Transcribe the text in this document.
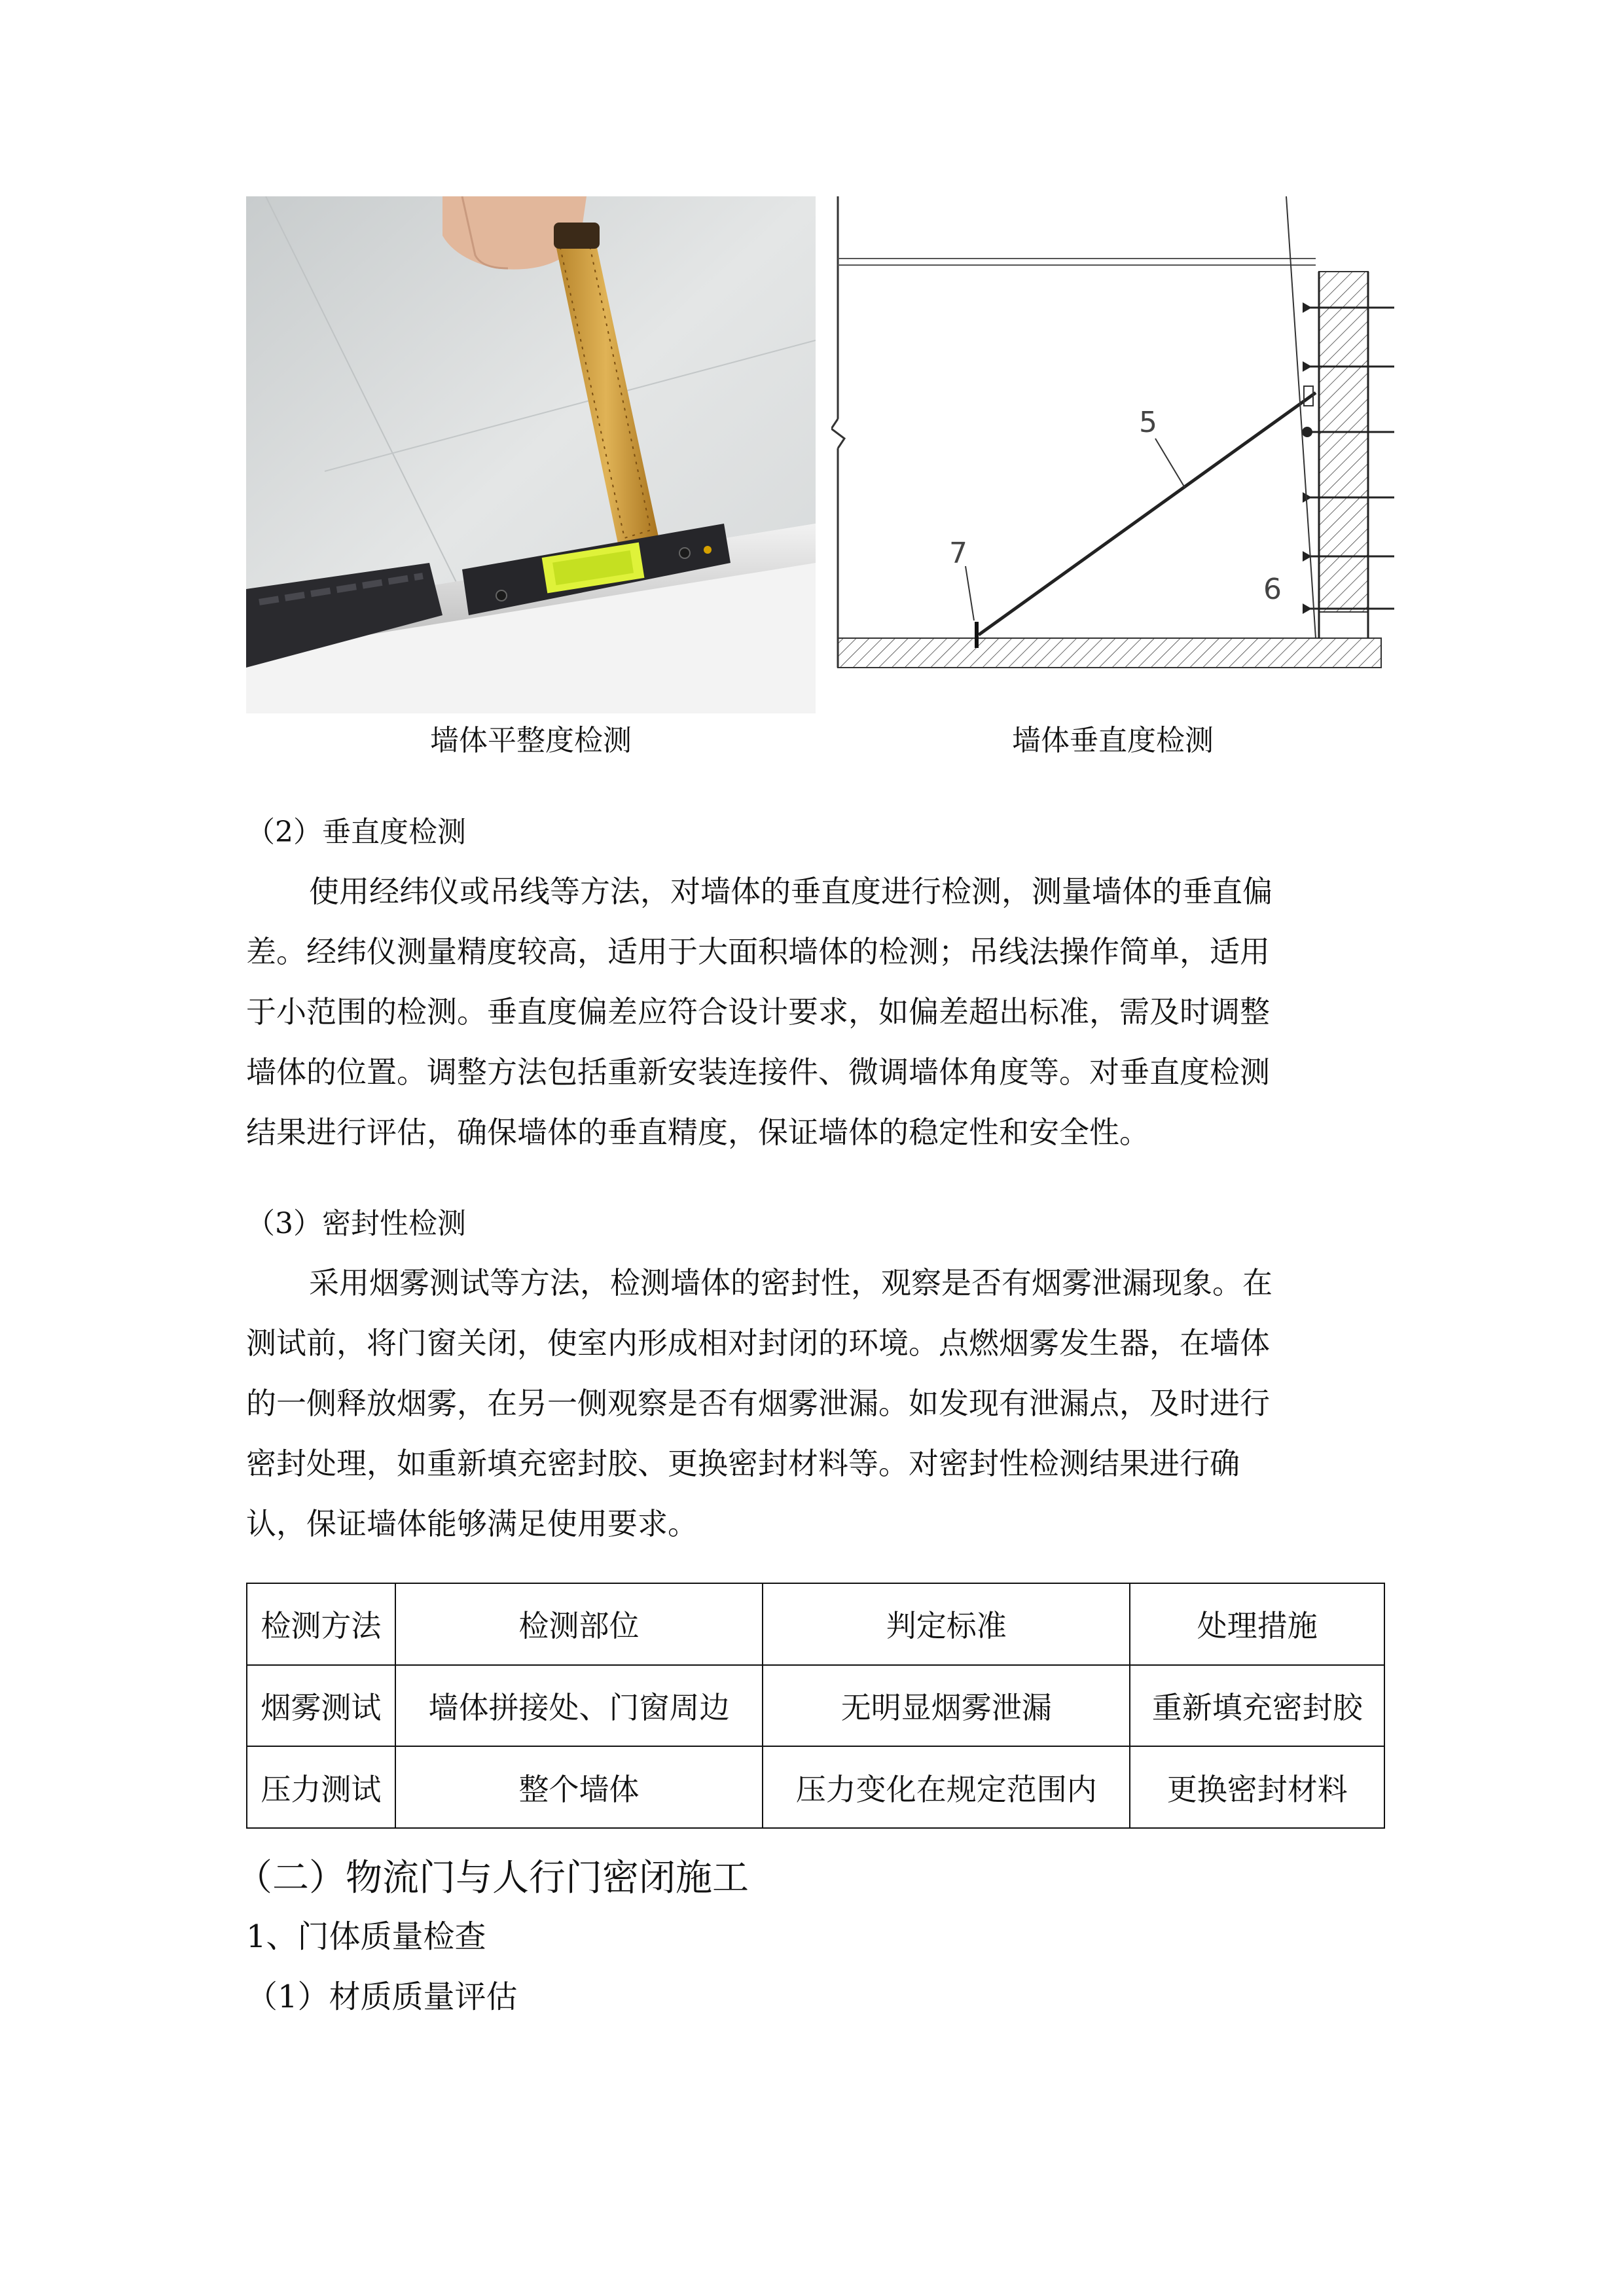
5
7
6
墙体平整度检测	墙体垂直度检测
（2）垂直度检测
使用经纬仪或吊线等方法，对墙体的垂直度进行检测，测量墙体的垂直偏
差。经纬仪测量精度较高，适用于大面积墙体的检测；吊线法操作简单，适用
于小范围的检测。垂直度偏差应符合设计要求，如偏差超出标准，需及时调整
墙体的位置。调整方法包括重新安装连接件、微调墙体角度等。对垂直度检测
结果进行评估，确保墙体的垂直精度，保证墙体的稳定性和安全性。
（3）密封性检测
采用烟雾测试等方法，检测墙体的密封性，观察是否有烟雾泄漏现象。在
测试前，将门窗关闭，使室内形成相对封闭的环境。点燃烟雾发生器，在墙体
的一侧释放烟雾，在另一侧观察是否有烟雾泄漏。如发现有泄漏点，及时进行
密封处理，如重新填充密封胶、更换密封材料等。对密封性检测结果进行确
认，保证墙体能够满足使用要求。
检测方法	检测部位	判定标准	处理措施
烟雾测试	墙体拼接处、门窗周边	无明显烟雾泄漏	重新填充密封胶
压力测试	整个墙体	压力变化在规定范围内	更换密封材料
（二）物流门与人行门密闭施工
1、门体质量检查
（1）材质质量评估
